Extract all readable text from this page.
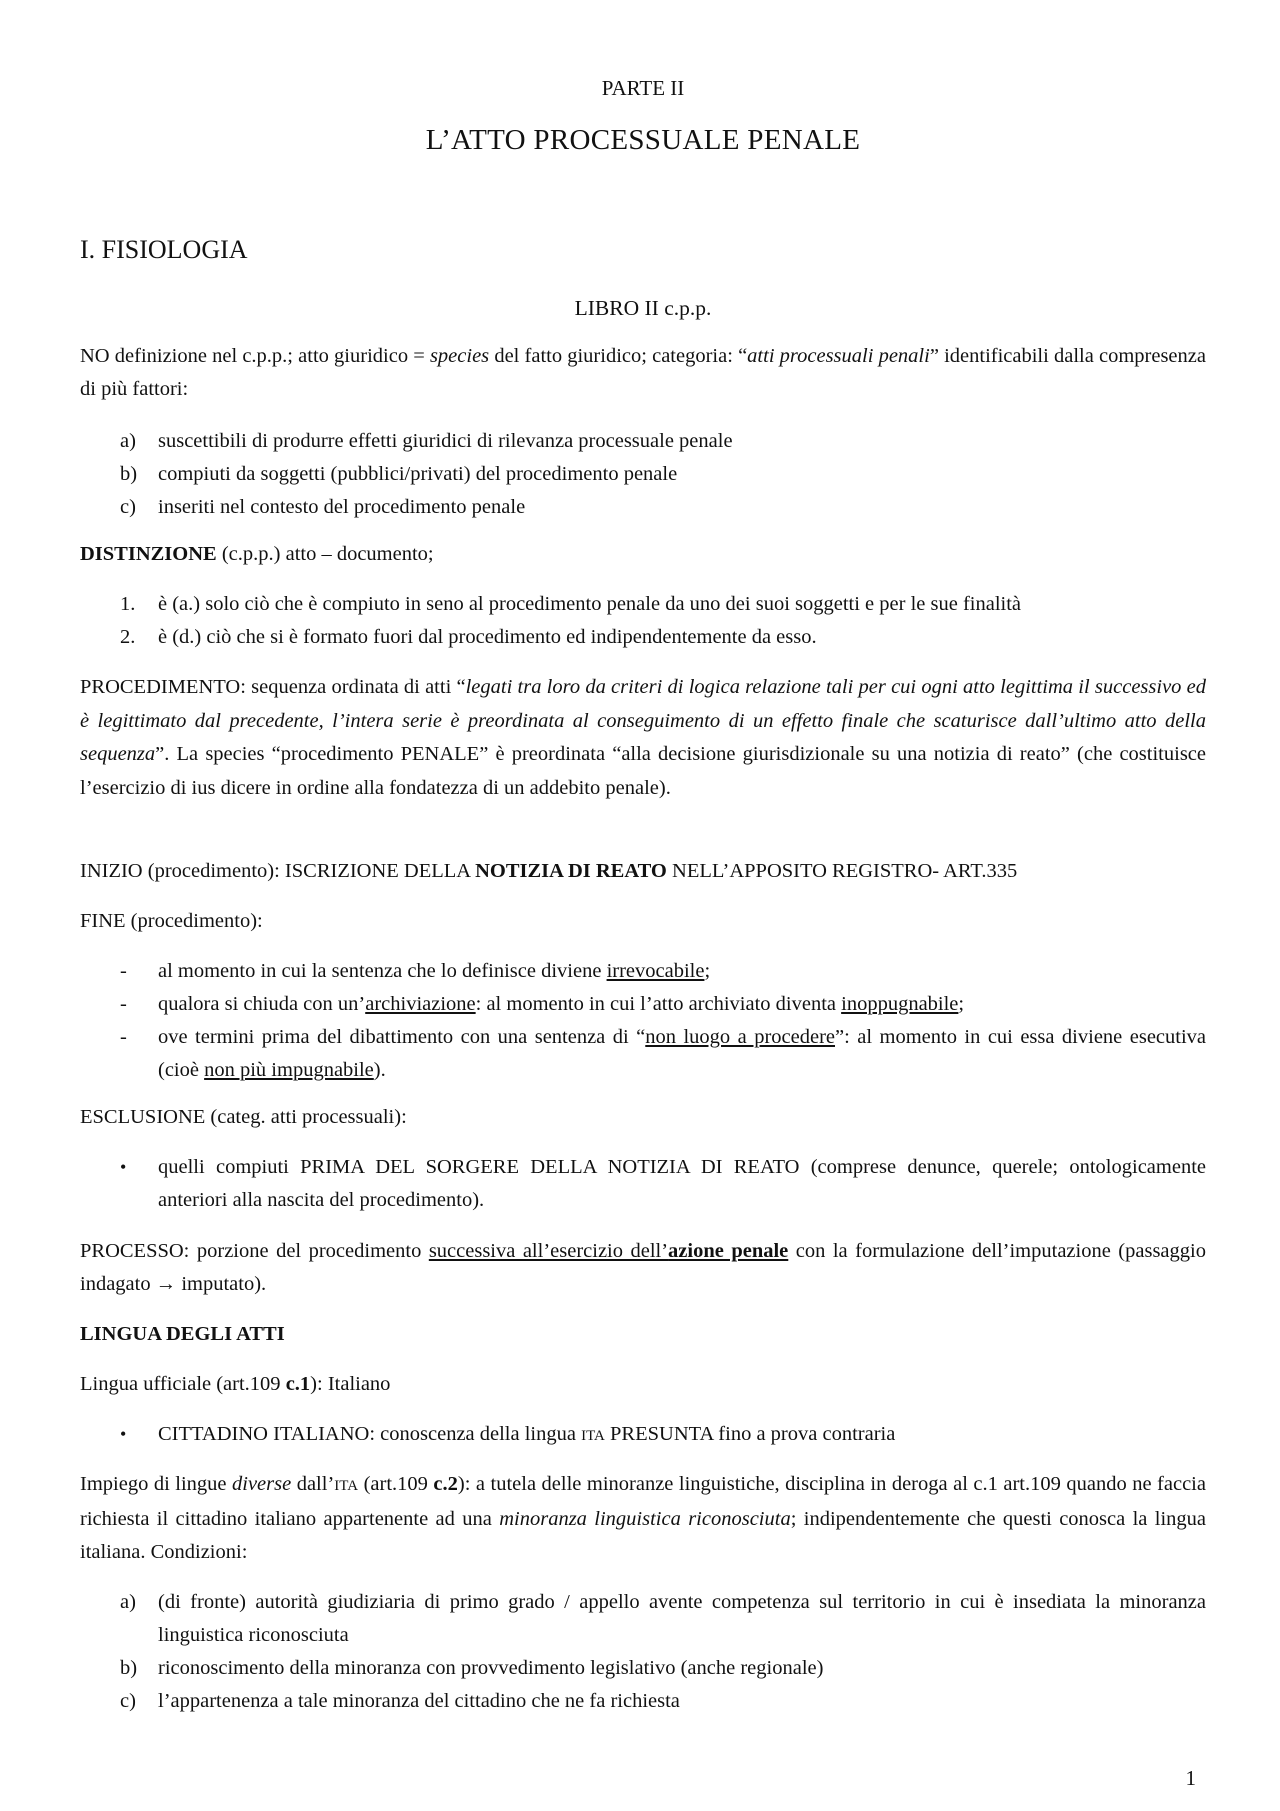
PARTE II
L’ATTO PROCESSUALE PENALE
I. FISIOLOGIA
LIBRO II c.p.p.
NO definizione nel c.p.p.; atto giuridico = species del fatto giuridico; categoria: “atti processuali penali” identificabili dalla compresenza di più fattori:
a) suscettibili di produrre effetti giuridici di rilevanza processuale penale
b) compiuti da soggetti (pubblici/privati) del procedimento penale
c) inseriti nel contesto del procedimento penale
DISTINZIONE (c.p.p.) atto – documento;
1. è (a.) solo ciò che è compiuto in seno al procedimento penale da uno dei suoi soggetti e per le sue finalità
2. è (d.) ciò che si è formato fuori dal procedimento ed indipendentemente da esso.
PROCEDIMENTO: sequenza ordinata di atti “legati tra loro da criteri di logica relazione tali per cui ogni atto legittima il successivo ed è legittimato dal precedente, l’intera serie è preordinata al conseguimento di un effetto finale che scaturisce dall’ultimo atto della sequenza”. La species “procedimento PENALE” è preordinata “alla decisione giurisdizionale su una notizia di reato” (che costituisce l’esercizio di ius dicere in ordine alla fondatezza di un addebito penale).
INIZIO (procedimento): ISCRIZIONE DELLA NOTIZIA DI REATO NELL’APPOSITO REGISTRO- ART.335
FINE (procedimento):
- al momento in cui la sentenza che lo definisce diviene irrevocabile;
- qualora si chiuda con un’archiviazione: al momento in cui l’atto archiviato diventa inoppugnabile;
- ove termini prima del dibattimento con una sentenza di “non luogo a procedere”: al momento in cui essa diviene esecutiva (cioè non più impugnabile).
ESCLUSIONE (categ. atti processuali):
• quelli compiuti PRIMA DEL SORGERE DELLA NOTIZIA DI REATO (comprese denunce, querele; ontologicamente anteriori alla nascita del procedimento).
PROCESSO: porzione del procedimento successiva all’esercizio dell’azione penale con la formulazione dell’imputazione (passaggio indagato → imputato).
LINGUA DEGLI ATTI
Lingua ufficiale (art.109 c.1): Italiano
• CITTADINO ITALIANO: conoscenza della lingua ITA PRESUNTA fino a prova contraria
Impiego di lingue diverse dall’ITA (art.109 c.2): a tutela delle minoranze linguistiche, disciplina in deroga al c.1 art.109 quando ne faccia richiesta il cittadino italiano appartenente ad una minoranza linguistica riconosciuta; indipendentemente che questi conosca la lingua italiana. Condizioni:
a) (di fronte) autorità giudiziaria di primo grado / appello avente competenza sul territorio in cui è insediata la minoranza linguistica riconosciuta
b) riconoscimento della minoranza con provvedimento legislativo (anche regionale)
c) l’appartenenza a tale minoranza del cittadino che ne fa richiesta
1
